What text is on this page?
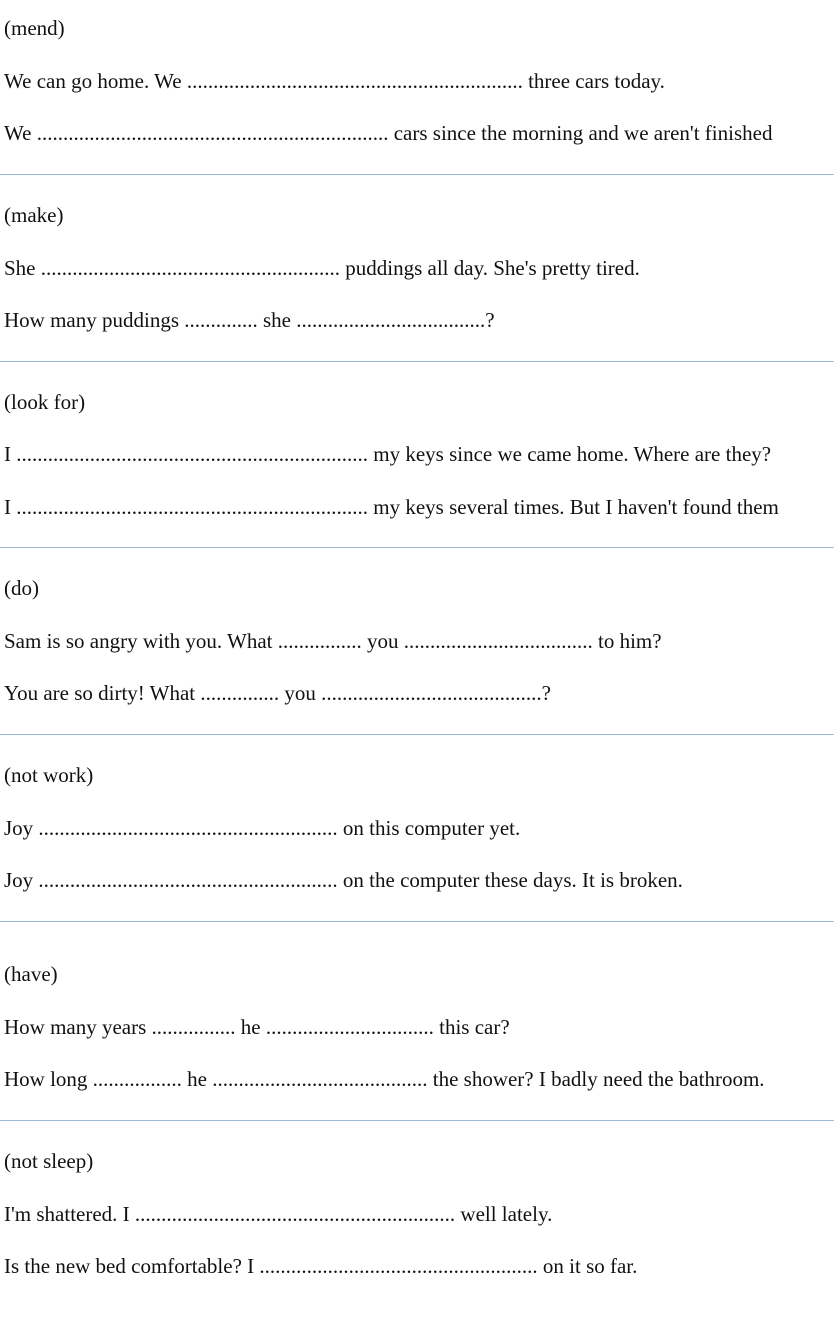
(mend)
We can go home. We ................................................................ three cars today.
We ................................................................... cars since the morning and we aren't finished
(make)
She ......................................................... puddings all day. She's pretty tired.
How many puddings .............. she ....................................?
(look for)
I ................................................................... my keys since we came home. Where are they?
I ................................................................... my keys several times. But I haven't found them
(do)
Sam is so angry with you. What ................ you .................................... to him?
You are so dirty! What ............... you ..........................................?
(not work)
Joy ......................................................... on this computer yet.
Joy ......................................................... on the computer these days. It is broken.
(have)
How many years ................ he ................................ this car?
How long ................. he ......................................... the shower? I badly need the bathroom.
(not sleep)
I'm shattered. I ............................................................. well lately.
Is the new bed comfortable? I ..................................................... on it so far.
